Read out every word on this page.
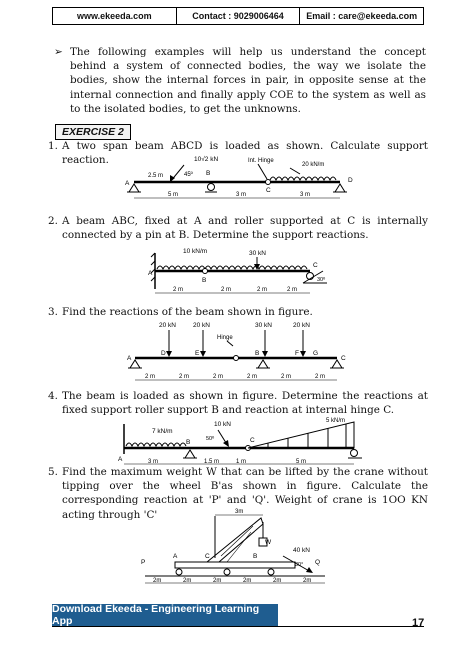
www.ekeeda.com	Contact : 9029006464	Email : care@ekeeda.com
➢ The following examples will help us understand the concept behind a system of connected bodies, the way we isolate the bodies, show the internal forces in pair, in opposite sense at the internal connection and finally apply COE to the system as well as to the isolated bodies, to get the unknowns.
EXERCISE 2
1. A two span beam ABCD is loaded as shown. Calculate support reaction.	10√2 kN
45º
Int. Hinge
20 kN/m
A
B
C
D
2.5 m
5 m	3 m	3 m
2. A beam ABC, fixed at A and roller supported at C is internally connected by a pin at B. Determine the support reactions.
10 kN/m	30 kN
A
B
C
30º
2 m	2 m	2 m	2 m
3. Find the reactions of the beam shown in figure.
20 kN	20 kN	30 kN	20 kN
Hinge
A
D	E	B	F G
C
2 m	2 m	2 m	2 m	2 m	2 m
4. The beam is loaded as shown in figure. Determine the reactions at fixed support roller support B and reaction at internal hinge C.
7 kN/m
10 kN
50º
5 kN/m
A
B	C
3 m	1.5 m	1 m	5 m
5. Find the maximum weight W that can be lifted by the crane without tipping over the wheel B'as shown in figure. Calculate the corresponding reaction at 'P' and 'Q'. Weight of crane is 1OO KN acting through 'C'	3m
W
40 kN
30°
C	B
A
P	Q
2m	2m	2m	2m	2m	2m
Download Ekeeda - Engineering Learning App	17
